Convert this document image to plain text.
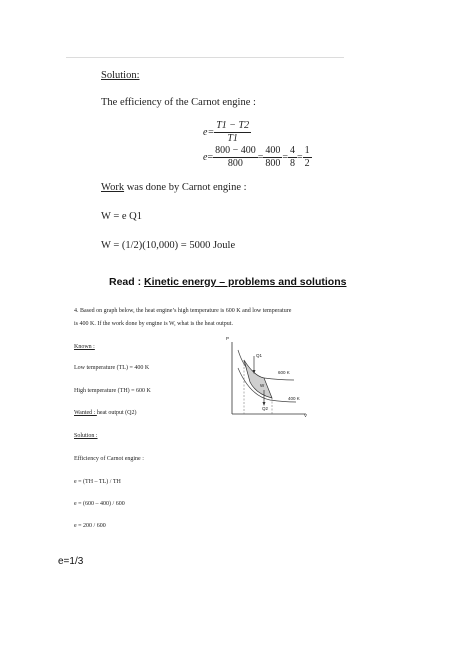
Solution:
The efficiency of the Carnot engine :
$e = \frac{T1 - T2}{T1}$
$e = \frac{800 - 400}{800} = \frac{400}{800} = \frac{4}{8} = \frac{1}{2}$
Work was done by Carnot engine :
W = e Q1
W = (1/2)(10,000) = 5000 Joule
Read : Kinetic energy – problems and solutions
4. Based on graph below, the heat engine’s high temperature is 600 K and low temperature
is 400 K. If the work done by engine is W, what is the heat output.
Known :
Low temperature (TL) = 400 K
High temperature (TH) = 600 K
Wanted : heat output (Q2)
Solution :
Efficiency of Carnot engine :
e = (TH – TL) / TH
e = (600 – 400) / 600
e = 200 / 600
P
V
Q1
Q2
W
600 K
400 K
e=1/3
